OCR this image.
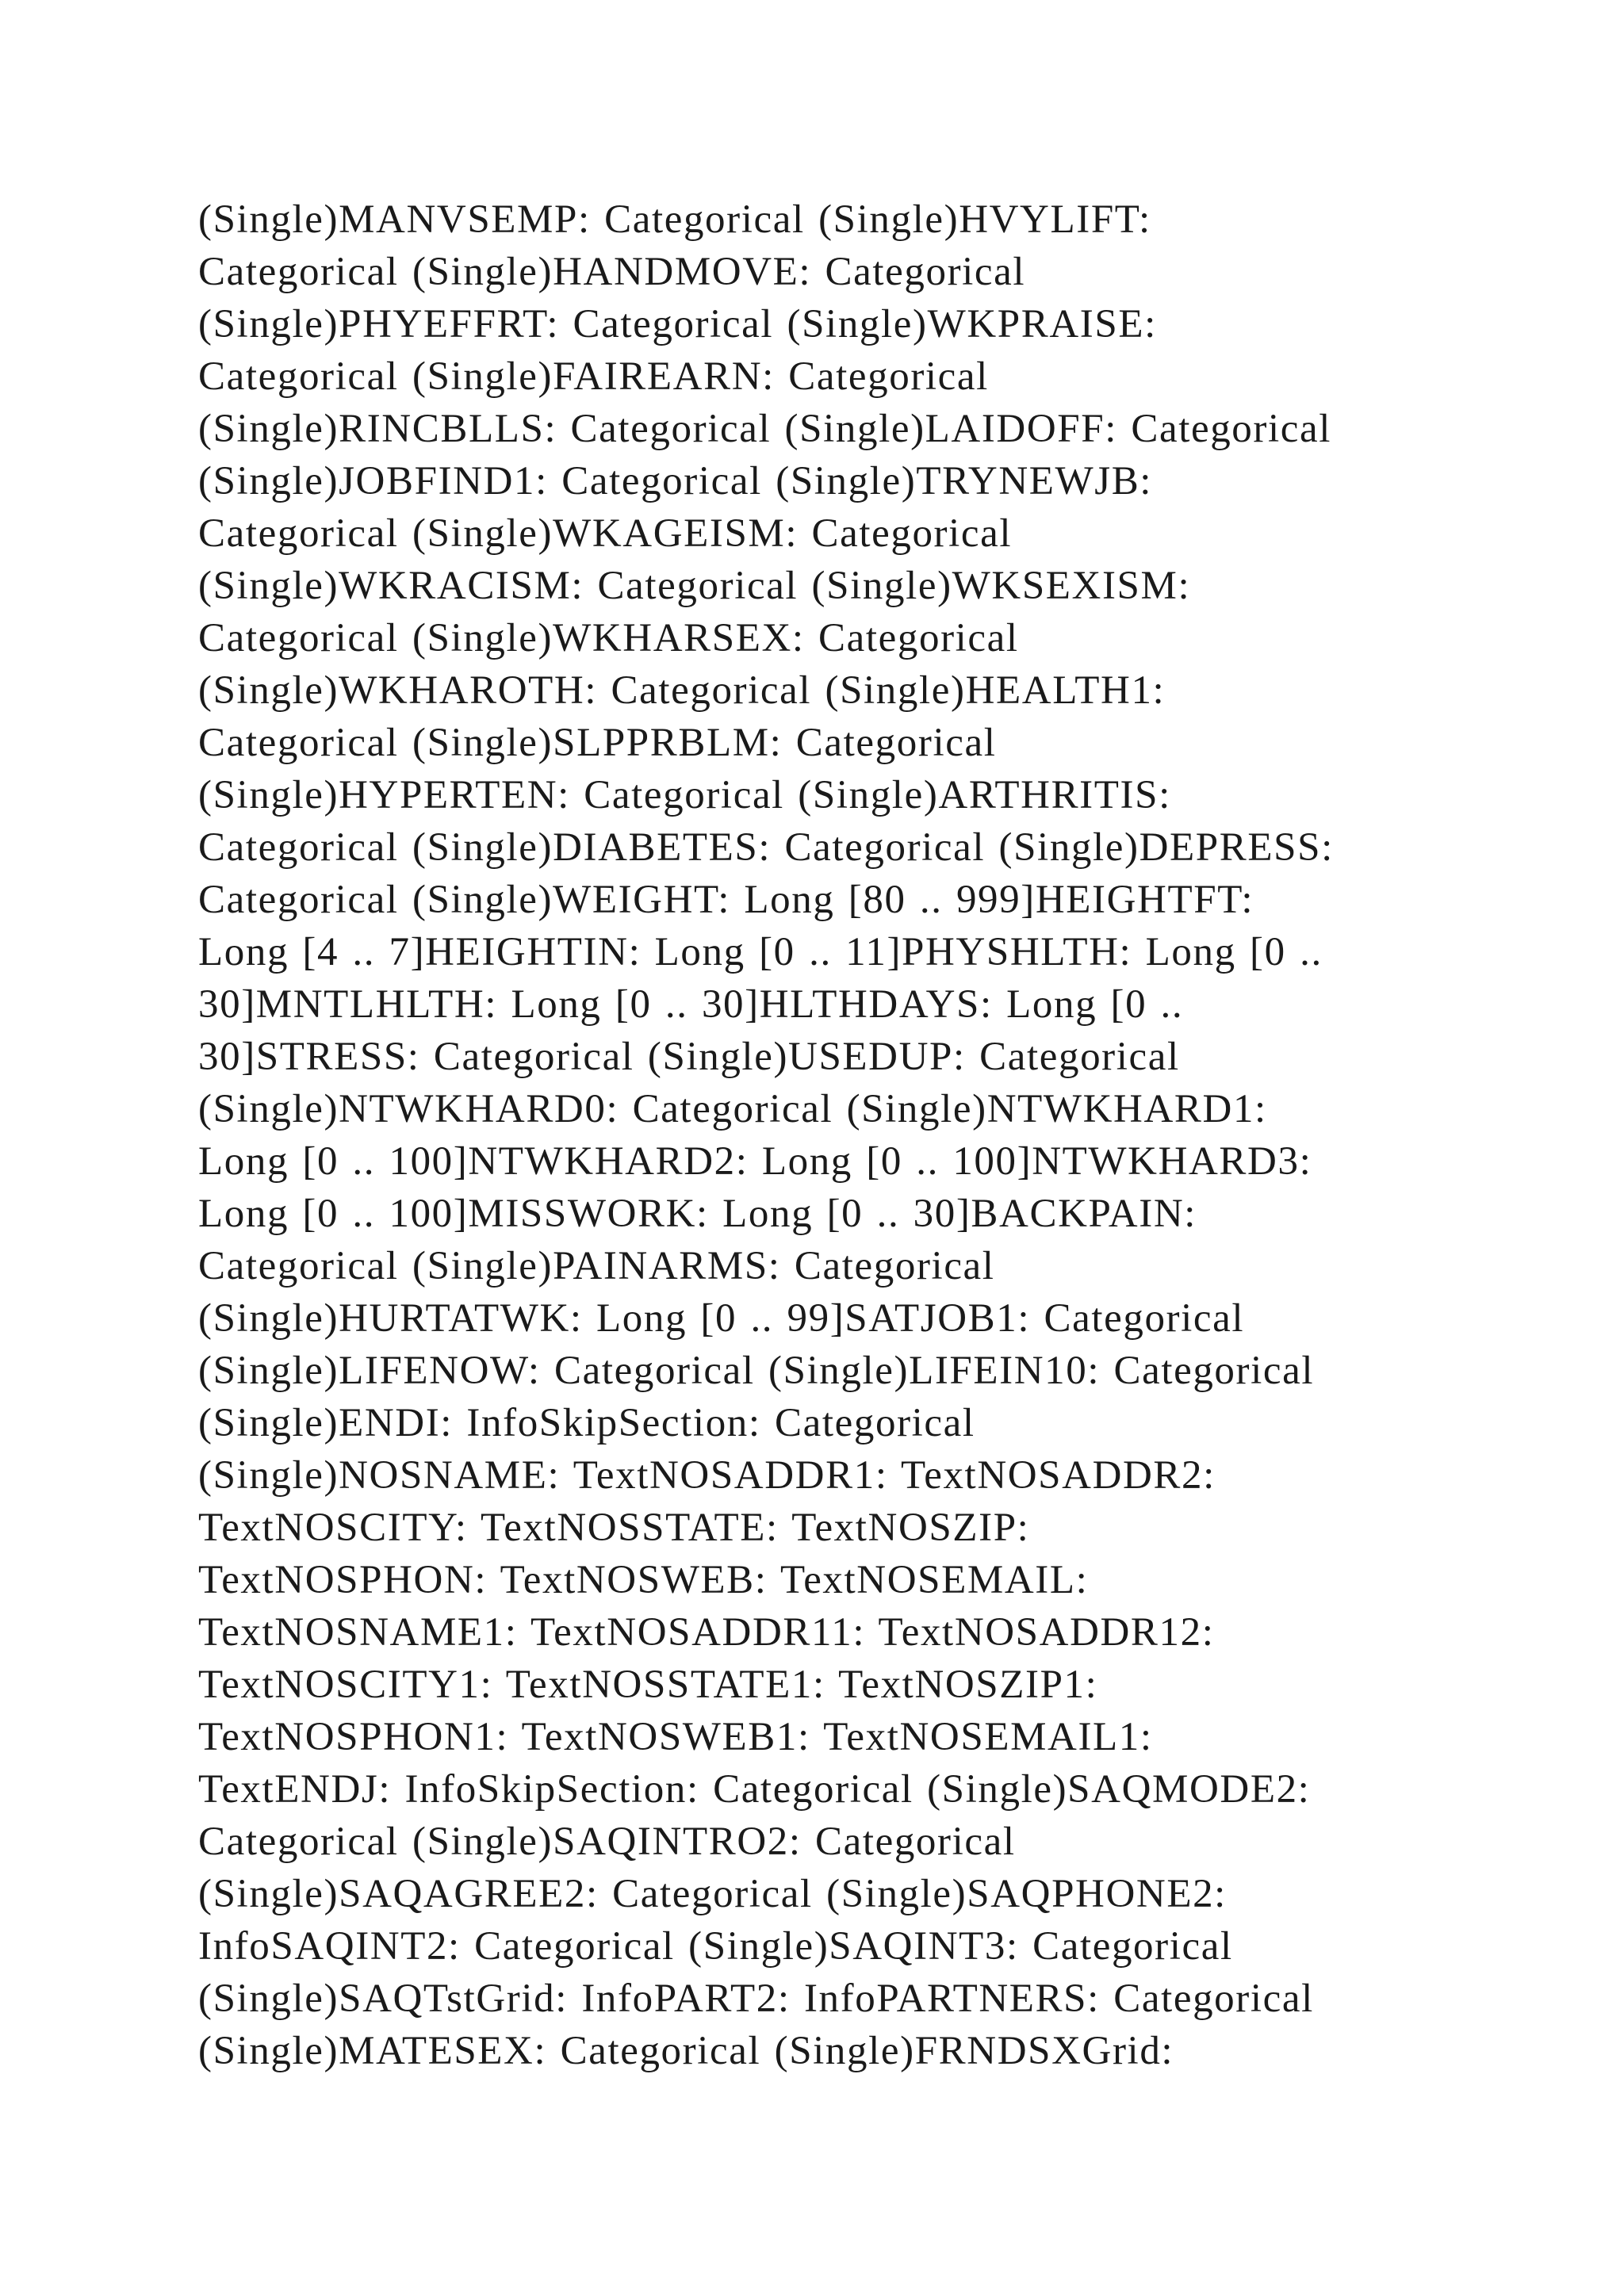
(Single)MANVSEMP: Categorical (Single)HVYLIFT:
Categorical (Single)HANDMOVE: Categorical
(Single)PHYEFFRT: Categorical (Single)WKPRAISE:
Categorical (Single)FAIREARN: Categorical
(Single)RINCBLLS: Categorical (Single)LAIDOFF: Categorical
(Single)JOBFIND1: Categorical (Single)TRYNEWJB:
Categorical (Single)WKAGEISM: Categorical
(Single)WKRACISM: Categorical (Single)WKSEXISM:
Categorical (Single)WKHARSEX: Categorical
(Single)WKHAROTH: Categorical (Single)HEALTH1:
Categorical (Single)SLPPRBLM: Categorical
(Single)HYPERTEN: Categorical (Single)ARTHRITIS:
Categorical (Single)DIABETES: Categorical (Single)DEPRESS:
Categorical (Single)WEIGHT: Long [80 .. 999]HEIGHTFT:
Long [4 .. 7]HEIGHTIN: Long [0 .. 11]PHYSHLTH: Long [0 ..
30]MNTLHLTH: Long [0 .. 30]HLTHDAYS: Long [0 ..
30]STRESS: Categorical (Single)USEDUP: Categorical
(Single)NTWKHARD0: Categorical (Single)NTWKHARD1:
Long [0 .. 100]NTWKHARD2: Long [0 .. 100]NTWKHARD3:
Long [0 .. 100]MISSWORK: Long [0 .. 30]BACKPAIN:
Categorical (Single)PAINARMS: Categorical
(Single)HURTATWK: Long [0 .. 99]SATJOB1: Categorical
(Single)LIFENOW: Categorical (Single)LIFEIN10: Categorical
(Single)ENDI: InfoSkipSection: Categorical
(Single)NOSNAME: TextNOSADDR1: TextNOSADDR2:
TextNOSCITY: TextNOSSTATE: TextNOSZIP:
TextNOSPHON: TextNOSWEB: TextNOSEMAIL:
TextNOSNAME1: TextNOSADDR11: TextNOSADDR12:
TextNOSCITY1: TextNOSSTATE1: TextNOSZIP1:
TextNOSPHON1: TextNOSWEB1: TextNOSEMAIL1:
TextENDJ: InfoSkipSection: Categorical (Single)SAQMODE2:
Categorical (Single)SAQINTRO2: Categorical
(Single)SAQAGREE2: Categorical (Single)SAQPHONE2:
InfoSAQINT2: Categorical (Single)SAQINT3: Categorical
(Single)SAQTstGrid: InfoPART2: InfoPARTNERS: Categorical
(Single)MATESEX: Categorical (Single)FRNDSXGrid:
